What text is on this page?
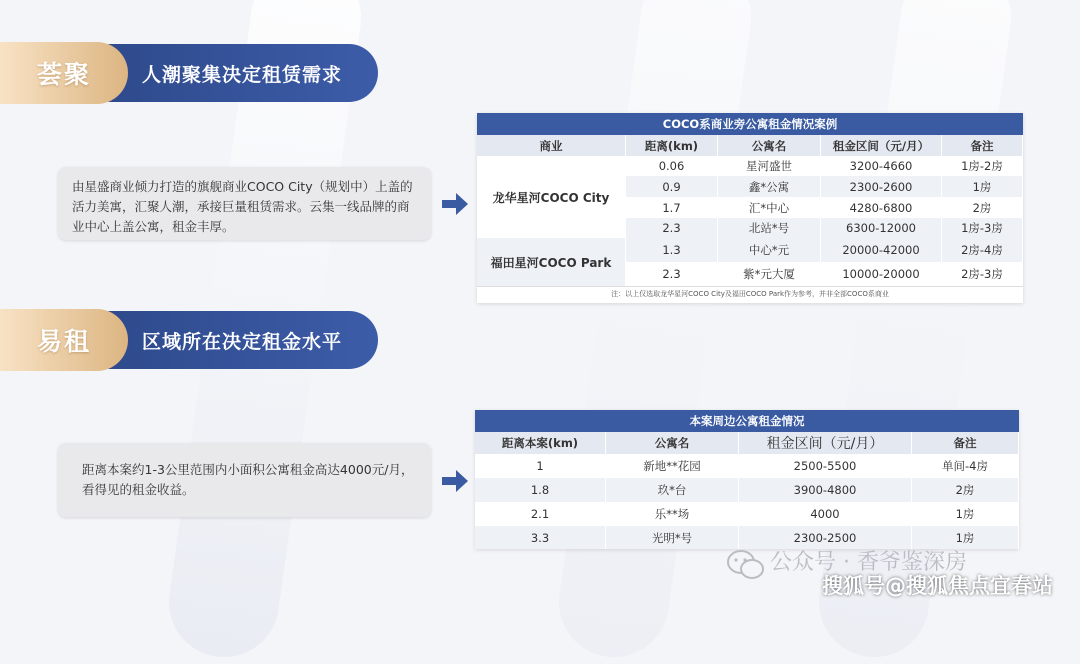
荟聚	人潮聚集决定租赁需求
由星盛商业倾力打造的旗舰商业COCO City（规划中）上盖的活力美寓，汇聚人潮，承接巨量租赁需求。云集一线品牌的商业中心上盖公寓，租金丰厚。
COCO系商业旁公寓租金情况案例
商业	距离(km)	公寓名	租金区间（元/月）	备注
龙华星河COCO City	0.06	星河盛世	3200-4660	1房-2房
	0.9	鑫*公寓	2300-2600	1房
	1.7	汇*中心	4280-6800	2房
	2.3	北站*号	6300-12000	1房-3房
福田星河COCO Park	1.3	中心*元	20000-42000	2房-4房
	2.3	紫*元大厦	10000-20000	2房-3房
注：以上仅选取龙华星河COCO City及福田COCO Park作为参考，并非全部COCO系商业
易租	区域所在决定租金水平
距离本案约1-3公里范围内小面积公寓租金高达4000元/月，看得见的租金收益。
本案周边公寓租金情况
距离本案(km)	公寓名	租金区间（元/月）	备注
1	新地**花园	2500-5500	单间-4房
1.8	玖*台	3900-4800	2房
2.1	乐**场	4000	1房
3.3	光明*号	2300-2500	1房
公众号 · 香爷鉴深房
搜狐号@搜狐焦点宜春站
